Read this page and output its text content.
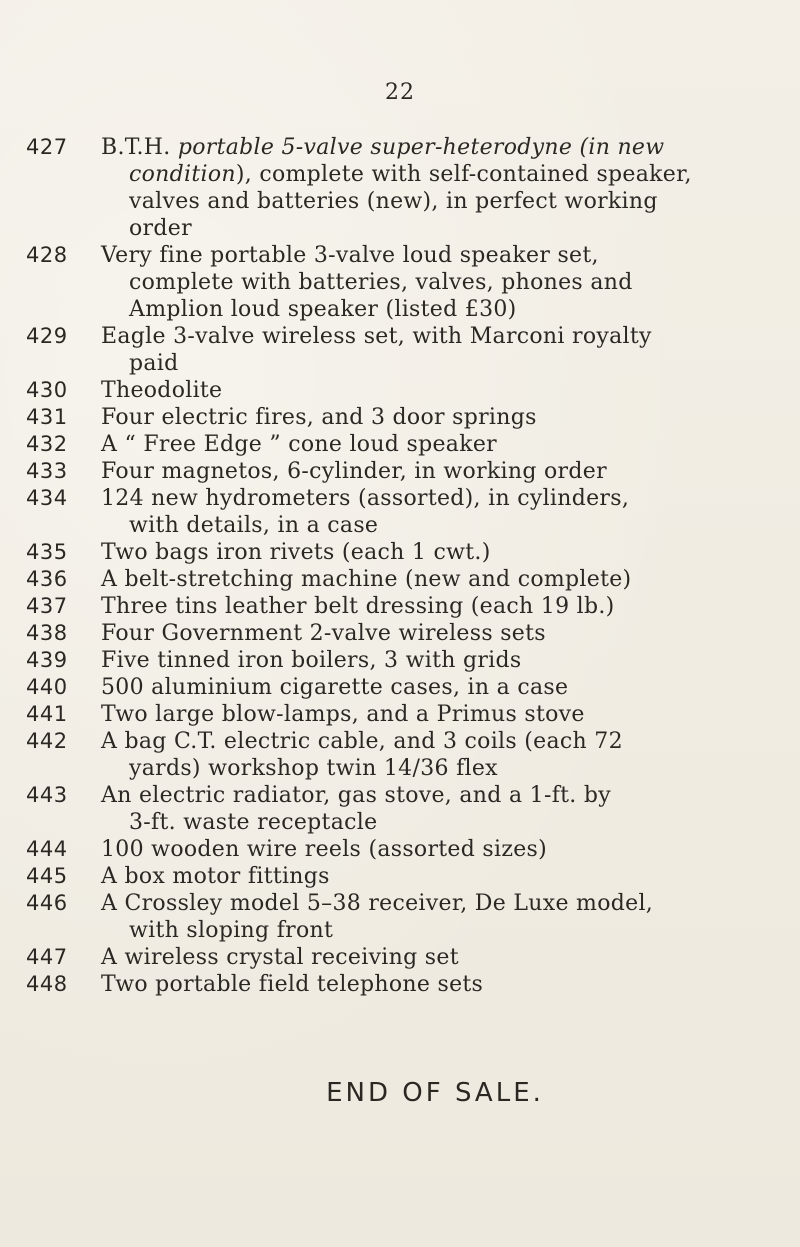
22
427	B.T.H. portable 5-valve super-heterodyne (in new
condition), complete with self-contained speaker,
valves and batteries (new), in perfect working
order
428	Very fine portable 3-valve loud speaker set,
complete with batteries, valves, phones and
Amplion loud speaker (listed £30)
429	Eagle 3-valve wireless set, with Marconi royalty
paid
430	Theodolite
431	Four electric fires, and 3 door springs
432	A “ Free Edge ” cone loud speaker
433	Four magnetos, 6-cylinder, in working order
434	124 new hydrometers (assorted), in cylinders,
with details, in a case
435	Two bags iron rivets (each 1 cwt.)
436	A belt-stretching machine (new and complete)
437	Three tins leather belt dressing (each 19 lb.)
438	Four Government 2-valve wireless sets
439	Five tinned iron boilers, 3 with grids
440	500 aluminium cigarette cases, in a case
441	Two large blow-lamps, and a Primus stove
442	A bag C.T. electric cable, and 3 coils (each 72
yards) workshop twin 14/36 flex
443	An electric radiator, gas stove, and a 1-ft. by
3-ft. waste receptacle
444	100 wooden wire reels (assorted sizes)
445	A box motor fittings
446	A Crossley model 5–38 receiver, De Luxe model,
with sloping front
447	A wireless crystal receiving set
448	Two portable field telephone sets
END OF SALE.
